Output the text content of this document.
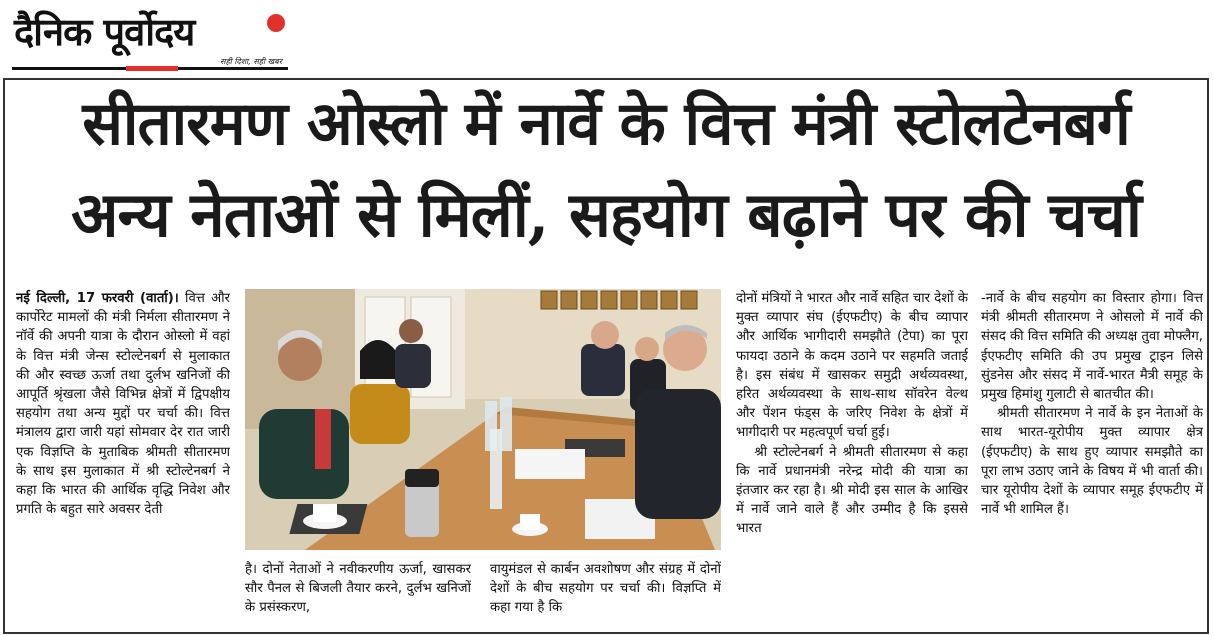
दैनिक पूर्वोदय
सही दिशा, सही खबर
सीतारमण ओस्लो में नार्वे के वित्त मंत्री स्टोलटेनबर्ग
अन्य नेताओं से मिलीं, सहयोग बढ़ाने पर की चर्चा
नई दिल्ली, 17 फरवरी (वार्ता)। वित्त और कार्पोरेट मामलों की मंत्री निर्मला सीतारमण ने नॉर्वे की अपनी यात्रा के दौरान ओस्लो में वहां के वित्त मंत्री जेन्स स्टोल्टेनबर्ग से मुलाकात की और स्वच्छ ऊर्जा तथा दुर्लभ खनिजों की आपूर्ति श्रृंखला जैसे विभिन्न क्षेत्रों में द्विपक्षीय सहयोग तथा अन्य मुद्दों पर चर्चा की। वित्त मंत्रालय द्वारा जारी यहां सोमवार देर रात जारी एक विज्ञप्ति के मुताबिक श्रीमती सीतारमण के साथ इस मुलाकात में श्री स्टोल्टेनबर्ग ने कहा कि भारत की आर्थिक वृद्धि निवेश और प्रगति के बहुत सारे अवसर देती
है। दोनों नेताओं ने नवीकरणीय ऊर्जा, खासकर सौर पैनल से बिजली तैयार करने, दुर्लभ खनिजों के प्रसंस्करण,
वायुमंडल से कार्बन अवशोषण और संग्रह में दोनों देशों के बीच सहयोग पर चर्चा की। विज्ञप्ति में कहा गया है कि
दोनों मंत्रियों ने भारत और नार्वे सहित चार देशों के मुक्त व्यापार संघ (ईएफटीए) के बीच व्यापार और आर्थिक भागीदारी समझौते (टेपा) का पूरा फायदा उठाने के कदम उठाने पर सहमति जताई है। इस संबंध में खासकर समुद्री अर्थव्यवस्था, हरित अर्थव्यवस्था के साथ-साथ सॉवरेन वेल्थ और पेंशन फंड्स के जरिए निवेश के क्षेत्रों में भागीदारी पर महत्वपूर्ण चर्चा हुई।
श्री स्टोल्टेनबर्ग ने श्रीमती सीतारमण से कहा कि नार्वे प्रधानमंत्री नरेन्द्र मोदी की यात्रा का इंतजार कर रहा है। श्री मोदी इस साल के आखिर में नार्वे जाने वाले हैं और उम्मीद है कि इससे भारत
-नार्वे के बीच सहयोग का विस्तार होगा। वित्त मंत्री श्रीमती सीतारमण ने ओसलो में नार्वे की संसद की वित्त समिति की अध्यक्ष तुवा मोफ्लैग, ईएफटीए समिति की उप प्रमुख ट्राइन लिसे सुंडनेस और संसद में नार्वे-भारत मैत्री समूह के प्रमुख हिमांशु गुलाटी से बातचीत की।
श्रीमती सीतारमण ने नार्वे के इन नेताओं के साथ भारत-यूरोपीय मुक्त व्यापार क्षेत्र (ईएफटीए) के साथ हुए व्यापार समझौते का पूरा लाभ उठाए जाने के विषय में भी वार्ता की। चार यूरोपीय देशों के व्यापार समूह ईएफटीए में नार्वे भी शामिल हैं।
